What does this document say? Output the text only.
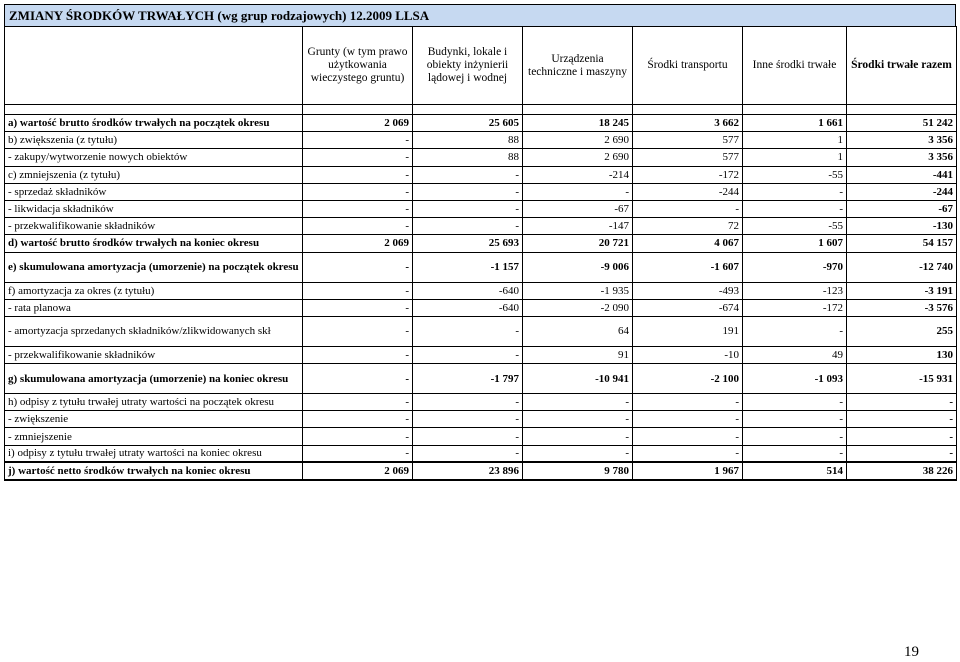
ZMIANY ŚRODKÓW TRWAŁYCH (wg grup rodzajowych) 12.2009 LLSA
	Grunty (w tym prawo użytkowania wieczystego gruntu)	Budynki, lokale i obiekty inżynierii lądowej i wodnej	Urządzenia techniczne i maszyny	Środki transportu	Inne środki trwałe	Środki trwałe razem

a) wartość brutto środków trwałych na początek okresu	2 069	25 605	18 245	3 662	1 661	51 242
b) zwiększenia (z tytułu)	-	88	2 690	577	1	3 356
- zakupy/wytworzenie nowych obiektów	-	88	2 690	577	1	3 356
c) zmniejszenia (z tytułu)	-	-	-214	-172	-55	-441
- sprzedaż składników	-	-	-	-244	-	-244
- likwidacja składników	-	-	-67	-	-	-67
- przekwalifikowanie składników	-	-	-147	72	-55	-130
d) wartość brutto środków trwałych na koniec okresu	2 069	25 693	20 721	4 067	1 607	54 157
e) skumulowana amortyzacja (umorzenie) na początek okresu	-	-1 157	-9 006	-1 607	-970	-12 740
f) amortyzacja za okres (z tytułu)	-	-640	-1 935	-493	-123	-3 191
- rata planowa	-	-640	-2 090	-674	-172	-3 576
- amortyzacja sprzedanych składników/zlikwidowanych skł	-	-	64	191	-	255
- przekwalifikowanie składników	-	-	91	-10	49	130
g) skumulowana amortyzacja (umorzenie) na koniec okresu	-	-1 797	-10 941	-2 100	-1 093	-15 931
h) odpisy z tytułu trwałej utraty wartości na początek okresu	-	-	-	-	-	-
- zwiększenie	-	-	-	-	-	-
- zmniejszenie	-	-	-	-	-	-
i) odpisy z tytułu trwałej utraty wartości na koniec okresu	-	-	-	-	-	-
j) wartość netto środków trwałych na koniec okresu	2 069	23 896	9 780	1 967	514	38 226
19
